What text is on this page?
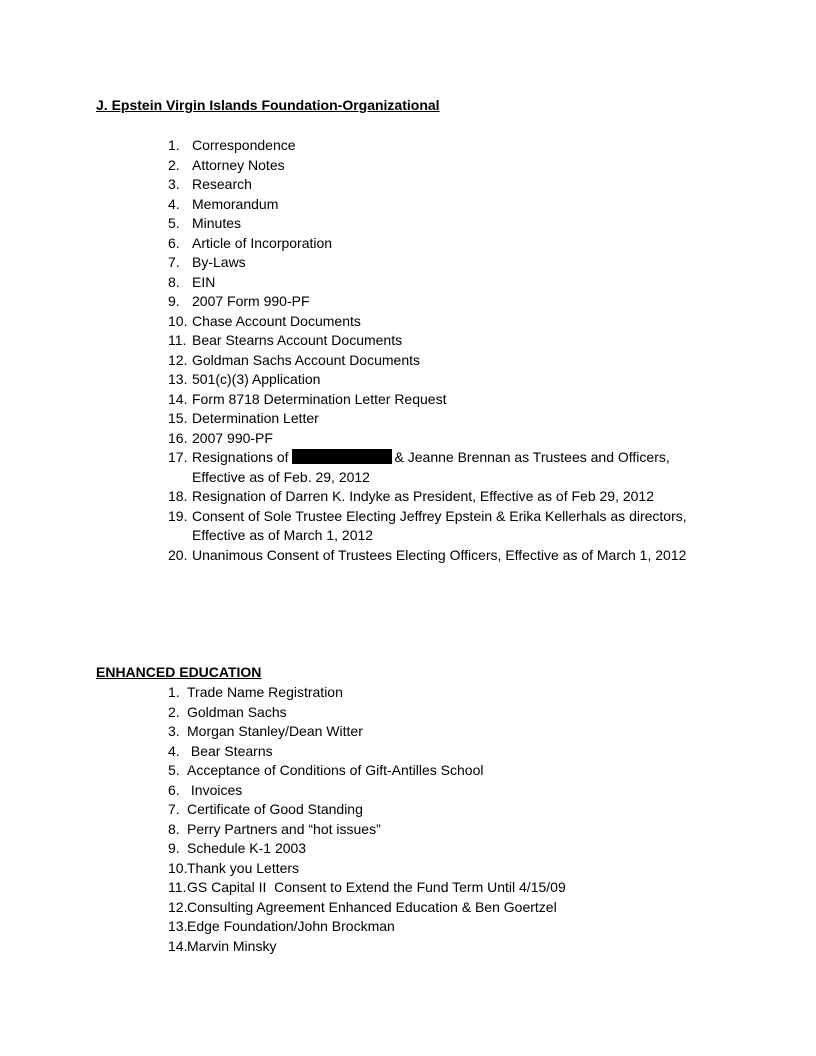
J. Epstein Virgin Islands Foundation-Organizational
1. Correspondence
2. Attorney Notes
3. Research
4. Memorandum
5. Minutes
6. Article of Incorporation
7. By-Laws
8. EIN
9. 2007 Form 990-PF
10. Chase Account Documents
11. Bear Stearns Account Documents
12. Goldman Sachs Account Documents
13. 501(c)(3) Application
14. Form 8718 Determination Letter Request
15. Determination Letter
16. 2007 990-PF
17. Resignations of	& Jeanne Brennan as Trustees and Officers,
Effective as of Feb. 29, 2012
18. Resignation of Darren K. Indyke as President, Effective as of Feb 29, 2012
19. Consent of Sole Trustee Electing Jeffrey Epstein & Erika Kellerhals as directors,
Effective as of March 1, 2012
20. Unanimous Consent of Trustees Electing Officers, Effective as of March 1, 2012
ENHANCED EDUCATION
1. Trade Name Registration
2. Goldman Sachs
3. Morgan Stanley/Dean Witter
4. Bear Stearns
5. Acceptance of Conditions of Gift-Antilles School
6. Invoices
7. Certificate of Good Standing
8. Perry Partners and “hot issues”
9. Schedule K-1 2003
10. Thank you Letters
11. GS Capital II  Consent to Extend the Fund Term Until 4/15/09
12. Consulting Agreement Enhanced Education & Ben Goertzel
13. Edge Foundation/John Brockman
14. Marvin Minsky
